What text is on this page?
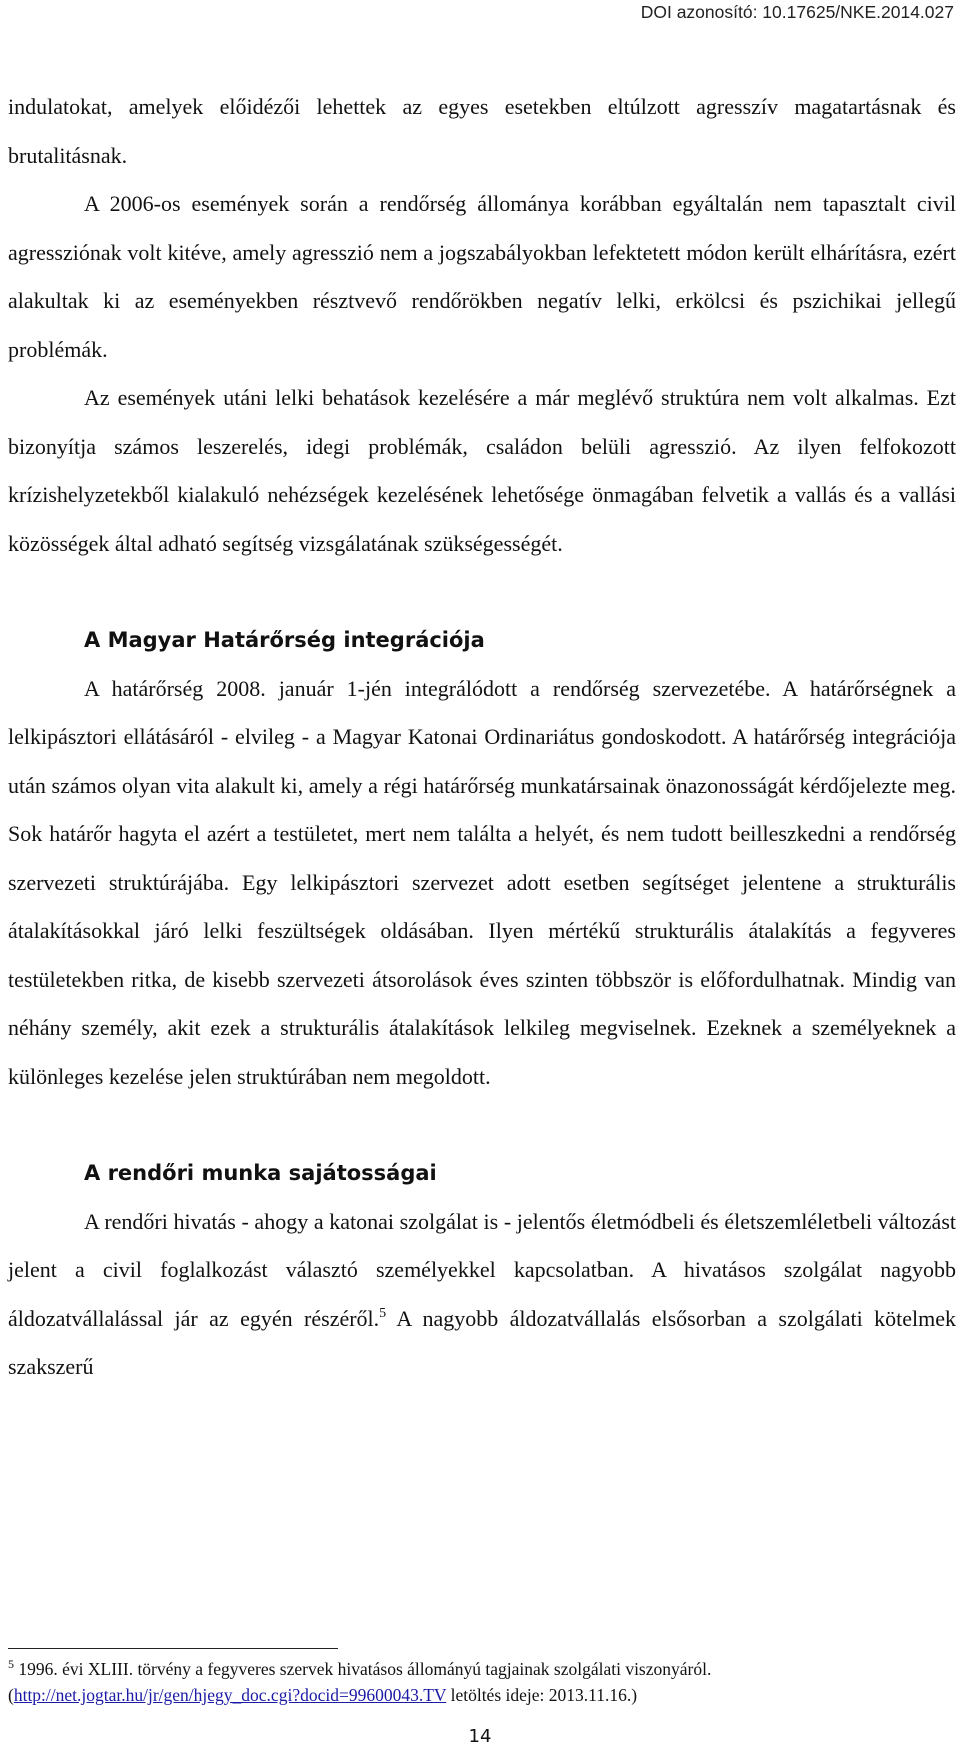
DOI azonosító: 10.17625/NKE.2014.027

indulatokat, amelyek előidézői lehettek az egyes esetekben eltúlzott agresszív magatartásnak és brutalitásnak.

A 2006-os események során a rendőrség állománya korábban egyáltalán nem tapasztalt civil agressziónak volt kitéve, amely agresszió nem a jogszabályokban lefektetett módon került elhárításra, ezért alakultak ki az eseményekben résztvevő rendőrökben negatív lelki, erkölcsi és pszichikai jellegű problémák.

Az események utáni lelki behatások kezelésére a már meglévő struktúra nem volt alkalmas. Ezt bizonyítja számos leszerelés, idegi problémák, családon belüli agresszió. Az ilyen felfokozott krízishelyzetekből kialakuló nehézségek kezelésének lehetősége önmagában felvetik a vallás és a vallási közösségek által adható segítség vizsgálatának szükségességét.

A Magyar Határőrség integrációja

A határőrség 2008. január 1-jén integrálódott a rendőrség szervezetébe. A határőrségnek a lelkipásztori ellátásáról - elvileg - a Magyar Katonai Ordinariátus gondoskodott. A határőrség integrációja után számos olyan vita alakult ki, amely a régi határőrség munkatársainak önazonosságát kérdőjelezte meg. Sok határőr hagyta el azért a testületet, mert nem találta a helyét, és nem tudott beilleszkedni a rendőrség szervezeti struktúrájába. Egy lelkipásztori szervezet adott esetben segítséget jelentene a strukturális átalakításokkal járó lelki feszültségek oldásában. Ilyen mértékű strukturális átalakítás a fegyveres testületekben ritka, de kisebb szervezeti átsorolások éves szinten többször is előfordulhatnak. Mindig van néhány személy, akit ezek a strukturális átalakítások lelkileg megviselnek. Ezeknek a személyeknek a különleges kezelése jelen struktúrában nem megoldott.

A rendőri munka sajátosságai

A rendőri hivatás - ahogy a katonai szolgálat is - jelentős életmódbeli és életszemléletbeli változást jelent a civil foglalkozást választó személyekkel kapcsolatban. A hivatásos szolgálat nagyobb áldozatvállalással jár az egyén részéről.$^5$ A nagyobb áldozatvállalás elsősorban a szolgálati kötelmek szakszerű

$^5$ 1996. évi XLIII. törvény a fegyveres szervek hivatásos állományú tagjainak szolgálati viszonyáról.
(http://net.jogtar.hu/jr/gen/hjegy_doc.cgi?docid=99600043.TV letöltés ideje: 2013.11.16.)
14
